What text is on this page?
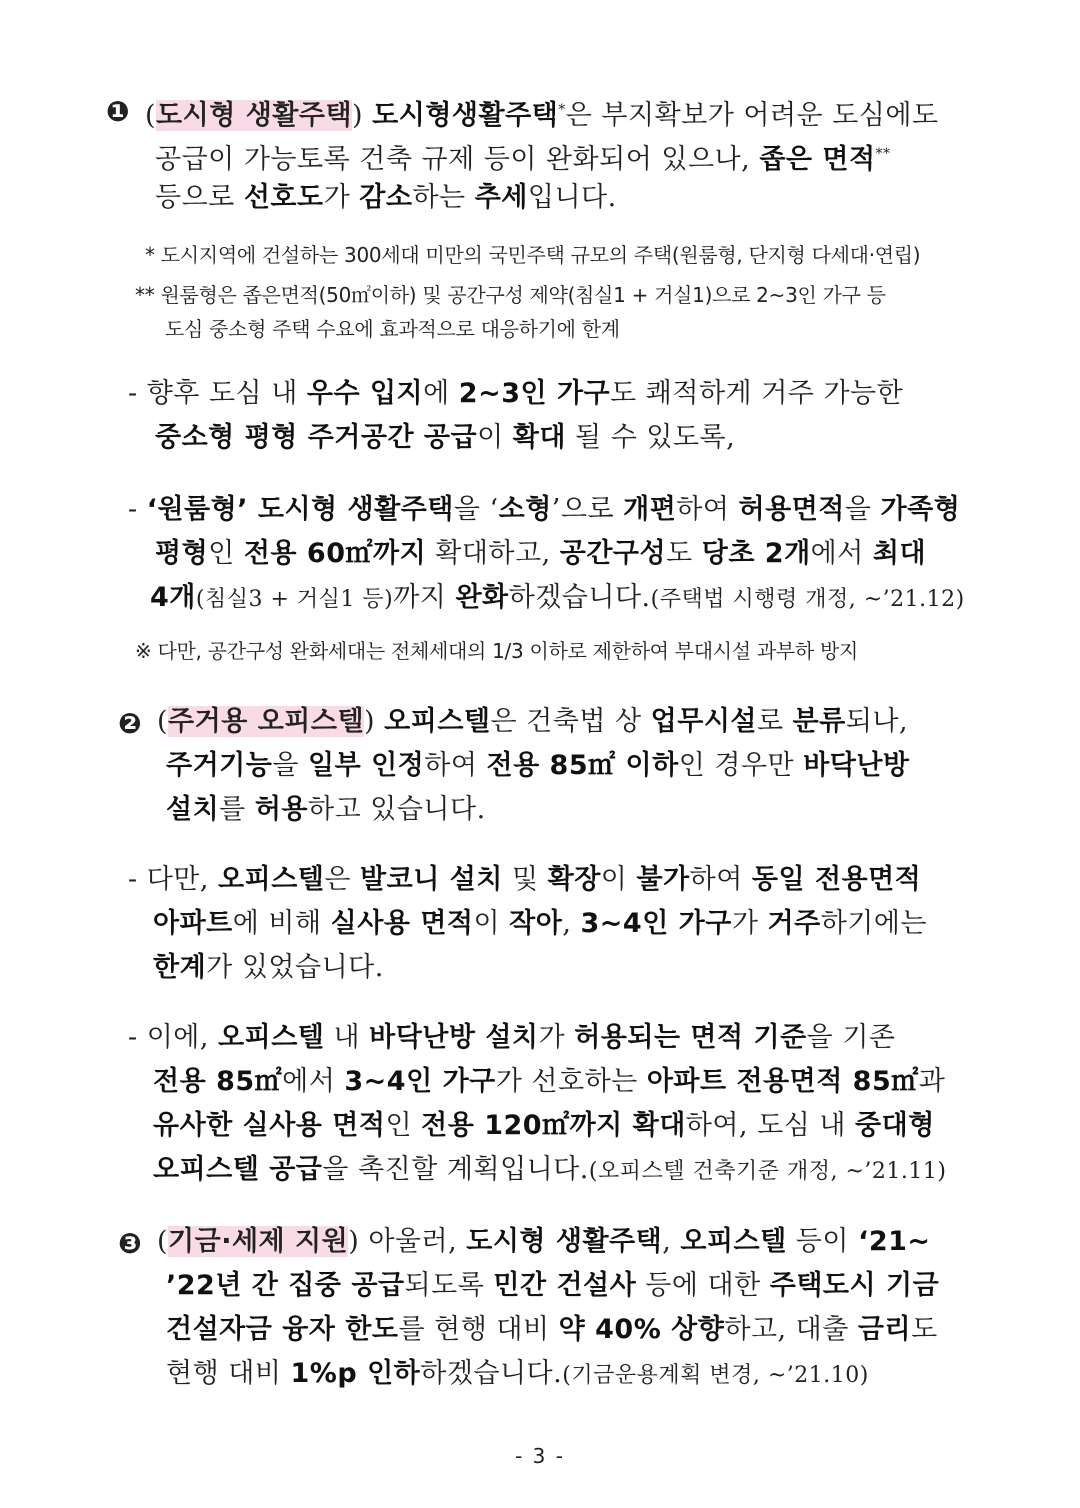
❶ (도시형 생활주택) 도시형생활주택*은 부지확보가 어려운 도심에도
공급이 가능토록 건축 규제 등이 완화되어 있으나, 좁은 면적**
등으로 선호도가 감소하는 추세입니다.
* 도시지역에 건설하는 300세대 미만의 국민주택 규모의 주택(원룸형, 단지형 다세대·연립)
** 원룸형은 좁은면적(50㎡이하) 및 공간구성 제약(침실1 + 거실1)으로 2~3인 가구 등
도심 중소형 주택 수요에 효과적으로 대응하기에 한계
- 향후 도심 내 우수 입지에 2~3인 가구도 쾌적하게 거주 가능한
중소형 평형 주거공간 공급이 확대 될 수 있도록,
- ‘원룸형’ 도시형 생활주택을 ‘소형’으로 개편하여 허용면적을 가족형
평형인 전용 60㎡까지 확대하고, 공간구성도 당초 2개에서 최대
4개(침실3 + 거실1 등)까지 완화하겠습니다.(주택법 시행령 개정, ~’21.12)
※ 다만, 공간구성 완화세대는 전체세대의 1/3 이하로 제한하여 부대시설 과부하 방지
❷ (주거용 오피스텔) 오피스텔은 건축법 상 업무시설로 분류되나,
주거기능을 일부 인정하여 전용 85㎡ 이하인 경우만 바닥난방
설치를 허용하고 있습니다.
- 다만, 오피스텔은 발코니 설치 및 확장이 불가하여 동일 전용면적
아파트에 비해 실사용 면적이 작아, 3~4인 가구가 거주하기에는
한계가 있었습니다.
- 이에, 오피스텔 내 바닥난방 설치가 허용되는 면적 기준을 기존
전용 85㎡에서 3~4인 가구가 선호하는 아파트 전용면적 85㎡과
유사한 실사용 면적인 전용 120㎡까지 확대하여, 도심 내 중대형
오피스텔 공급을 촉진할 계획입니다.(오피스텔 건축기준 개정, ~’21.11)
❸ (기금·세제 지원) 아울러, 도시형 생활주택, 오피스텔 등이 ‘21~
’22년 간 집중 공급되도록 민간 건설사 등에 대한 주택도시 기금
건설자금 융자 한도를 현행 대비 약 40% 상향하고, 대출 금리도
현행 대비 1%p 인하하겠습니다.(기금운용계획 변경, ~’21.10)
- 3 -
